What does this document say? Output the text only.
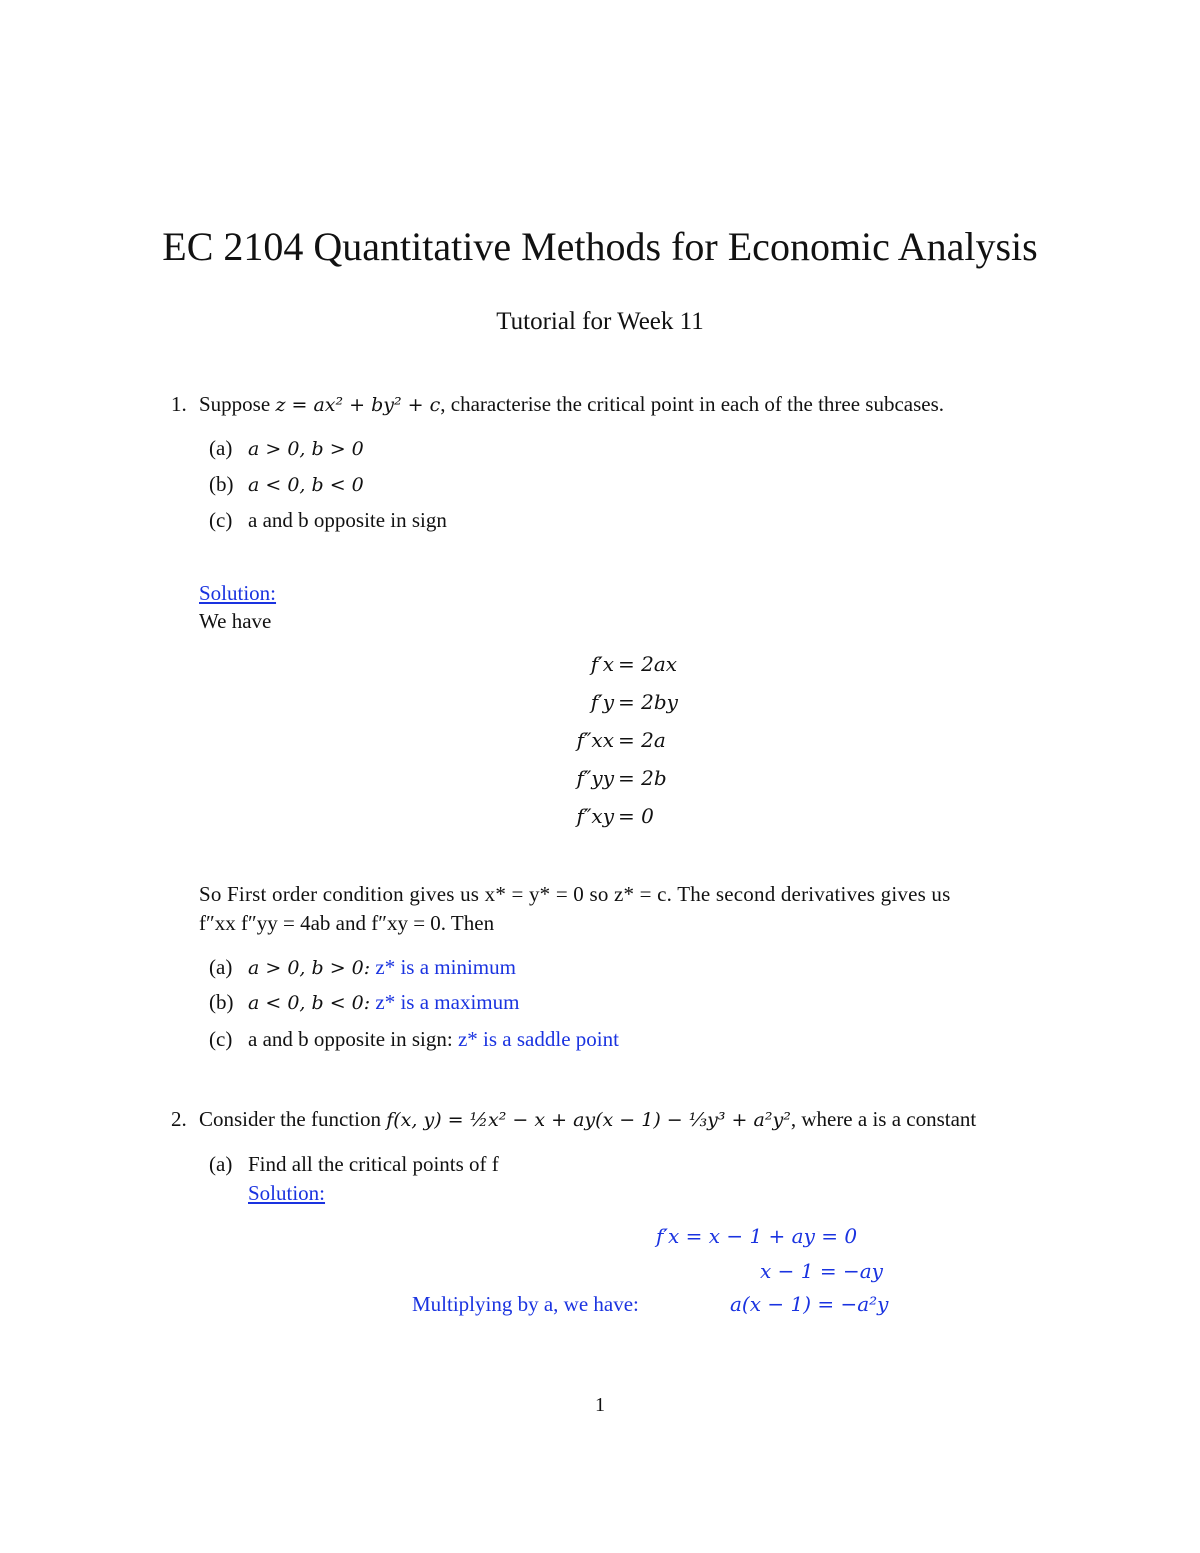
EC 2104 Quantitative Methods for Economic Analysis
Tutorial for Week 11
1. Suppose z = ax² + by² + c, characterise the critical point in each of the three subcases.
(a) a > 0, b > 0
(b) a < 0, b < 0
(c) a and b opposite in sign
Solution:
We have
f′x
f′y
f″xx
f″yy
f″xy
= 2ax
= 2by
= 2a
= 2b
= 0
So First order condition gives us x* = y* = 0 so z* = c. The second derivatives gives us
f″xx f″yy = 4ab and f″xy = 0. Then
(a) a > 0, b > 0: z* is a minimum
(b) a < 0, b < 0: z* is a maximum
(c) a and b opposite in sign: z* is a saddle point
2. Consider the function f(x, y) = ½x² − x + ay(x − 1) − ⅓y³ + a²y², where a is a constant
(a) Find all the critical points of f
Solution:
f′x = x − 1 + ay = 0
x − 1 = −ay
Multiplying by a, we have:	a(x − 1) = −a²y
1
